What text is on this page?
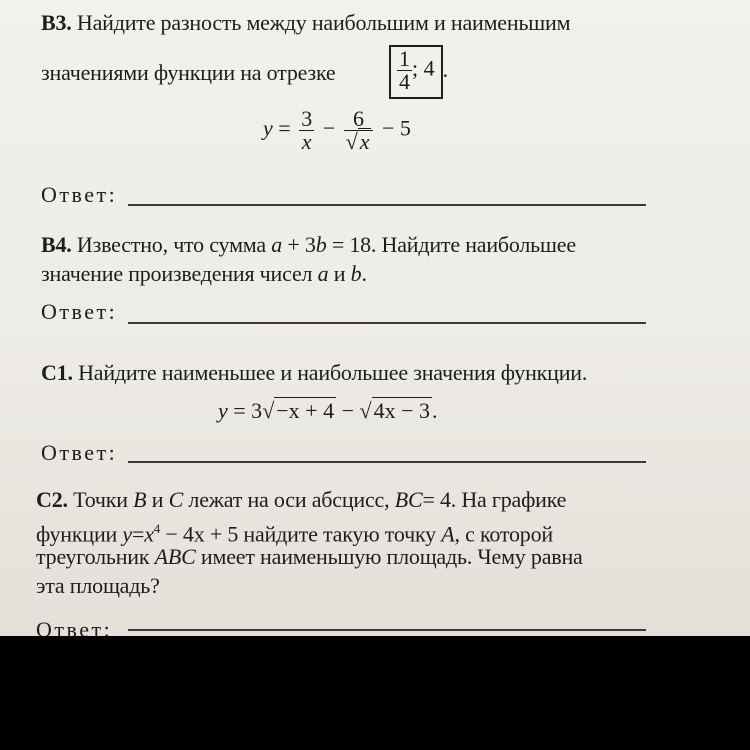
В3. Найдите разность между наибольшим и наименьшим
значениями функции на отрезке	$\frac{1}{4}$ ; 4 .
$y = \frac{3}{x} - \frac{6}{√x} - 5$
Ответ:
В4. Известно, что сумма a + 3b = 18. Найдите наибольшее
значение произведения чисел a и b.
Ответ:
С1. Найдите наименьшее и наибольшее значения функции.
y = 3√−x + 4 − √4x − 3.
Ответ:
С2. Точки B и C лежат на оси абсцисс, BC= 4. На графике
функции $y=x^4 - 4x + 5$ найдите такую точку A, с которой
треугольник ABC имеет наименьшую площадь. Чему равна
эта площадь?
Ответ:
